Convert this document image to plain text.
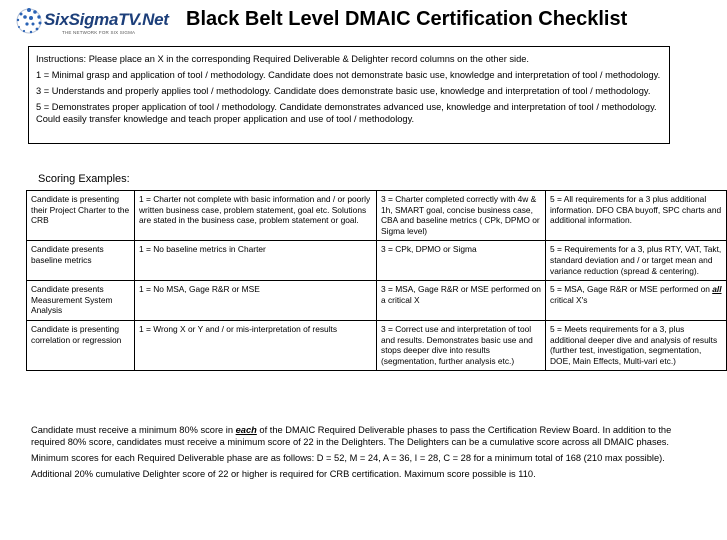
SixSigmaTV.Net
THE NETWORK FOR SIX SIGMA
Black Belt Level DMAIC Certification Checklist

Instructions: Please place an X in the corresponding Required Deliverable & Delighter record columns on the other side.

1 = Minimal grasp and application of tool / methodology. Candidate does not demonstrate basic use, knowledge and interpretation of tool / methodology.

3 = Understands and properly applies tool / methodology. Candidate does demonstrate basic use, knowledge and interpretation of tool / methodology.

5 = Demonstrates proper application of tool / methodology. Candidate demonstrates advanced use, knowledge and interpretation of tool / methodology. Could easily transfer knowledge and teach proper application and use of tool / methodology.

Scoring Examples:
Candidate is presenting their Project Charter to the CRB	1 = Charter not complete with basic information and / or poorly written business case, problem statement, goal etc. Solutions are stated in the business case, problem statement or goal.	3 = Charter completed correctly with 4w & 1h, SMART goal, concise business case, CBA and baseline metrics ( CPk, DPMO or Sigma level)	5 = All requirements for a 3 plus additional information. DFO CBA buyoff, SPC charts and additional information.
Candidate presents baseline metrics	1 = No baseline metrics in Charter	3 = CPk, DPMO or Sigma	5 = Requirements for a 3, plus RTY, VAT, Takt, standard deviation and / or target mean and variance reduction (spread & centering).
Candidate presents Measurement System Analysis	1 = No MSA, Gage R&R or MSE	3 = MSA, Gage R&R or MSE performed on a critical X	5 = MSA, Gage R&R or MSE performed on all critical X's
Candidate is presenting correlation or regression	1 = Wrong X or Y and / or mis-interpretation of results	3 = Correct use and interpretation of tool and results. Demonstrates basic use and stops deeper dive into results (segmentation, further analysis etc.)	5 = Meets requirements for a 3, plus additional deeper dive and analysis of results (further test, investigation, segmentation, DOE, Main Effects, Multi-vari etc.)

Candidate must receive a minimum 80% score in each of the DMAIC Required Deliverable phases to pass the Certification Review Board. In addition to the required 80% score, candidates must receive a minimum score of 22 in the Delighters. The Delighters can be a cumulative score across all DMAIC phases.

Minimum scores for each Required Deliverable phase are as follows: D = 52, M = 24, A = 36, I = 28, C = 28 for a minimum total of 168 (210 max possible).

Additional 20% cumulative Delighter score of 22 or higher is required for CRB certification. Maximum score possible is 110.
